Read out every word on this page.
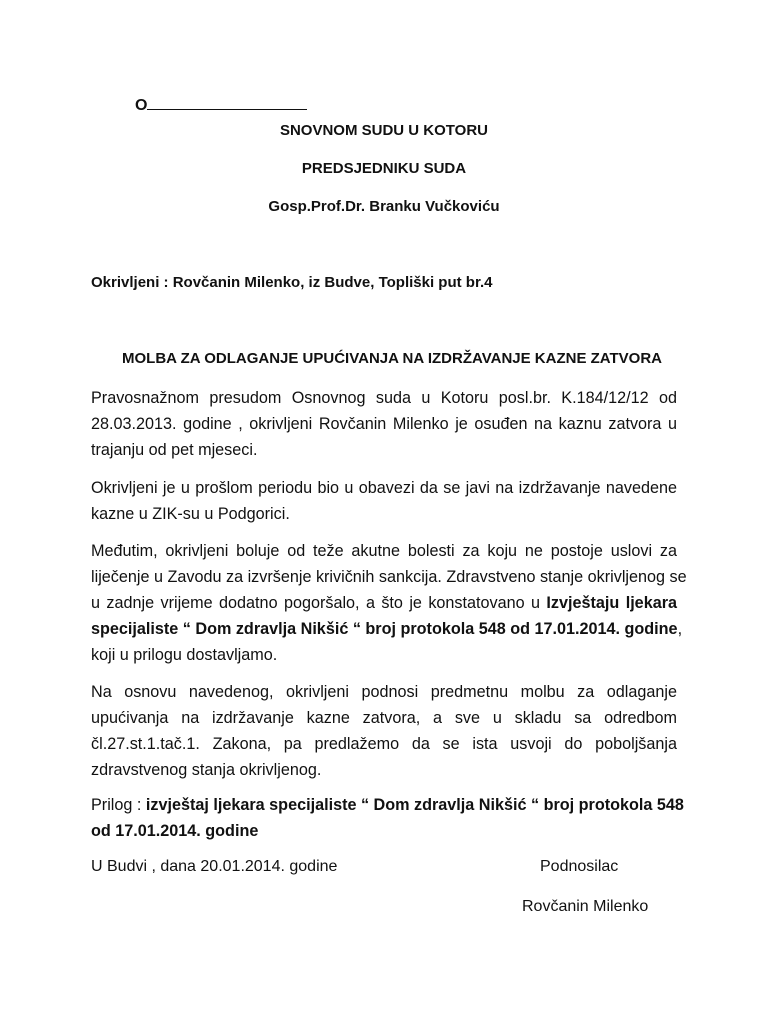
O
SNOVNOM SUDU U KOTORU
PREDSJEDNIKU SUDA
Gosp.Prof.Dr. Branku Vučkoviću
Okrivljeni : Rovčanin Milenko, iz Budve, Topliški put br.4
MOLBA ZA ODLAGANJE UPUĆIVANJA NA IZDRŽAVANJE KAZNE ZATVORA
Pravosnažnom presudom Osnovnog suda u Kotoru posl.br. K.184/12/12 od
28.03.2013. godine , okrivljeni Rovčanin Milenko je osuđen na kaznu zatvora u
trajanju od pet mjeseci.
Okrivljeni je u prošlom periodu bio u obavezi da se javi na izdržavanje navedene
kazne u ZIK-su u Podgorici.
Međutim, okrivljeni boluje od teže akutne bolesti za koju ne postoje uslovi za
liječenje u Zavodu za izvršenje krivičnih sankcija. Zdravstveno stanje okrivljenog se
u zadnje vrijeme dodatno pogoršalo, a što je konstatovano u Izvještaju ljekara
specijaliste “ Dom zdravlja Nikšić “ broj protokola 548 od 17.01.2014. godine,
koji u prilogu dostavljamo.
Na osnovu navedenog, okrivljeni podnosi predmetnu molbu za odlaganje
upućivanja na izdržavanje kazne zatvora, a sve u skladu sa odredbom
čl.27.st.1.tač.1. Zakona, pa predlažemo da se ista usvoji do poboljšanja
zdravstvenog stanja okrivljenog.
Prilog : izvještaj ljekara specijaliste “ Dom zdravlja Nikšić “ broj protokola 548
od 17.01.2014. godine
U Budvi , dana 20.01.2014. godine	Podnosilac
Rovčanin Milenko
